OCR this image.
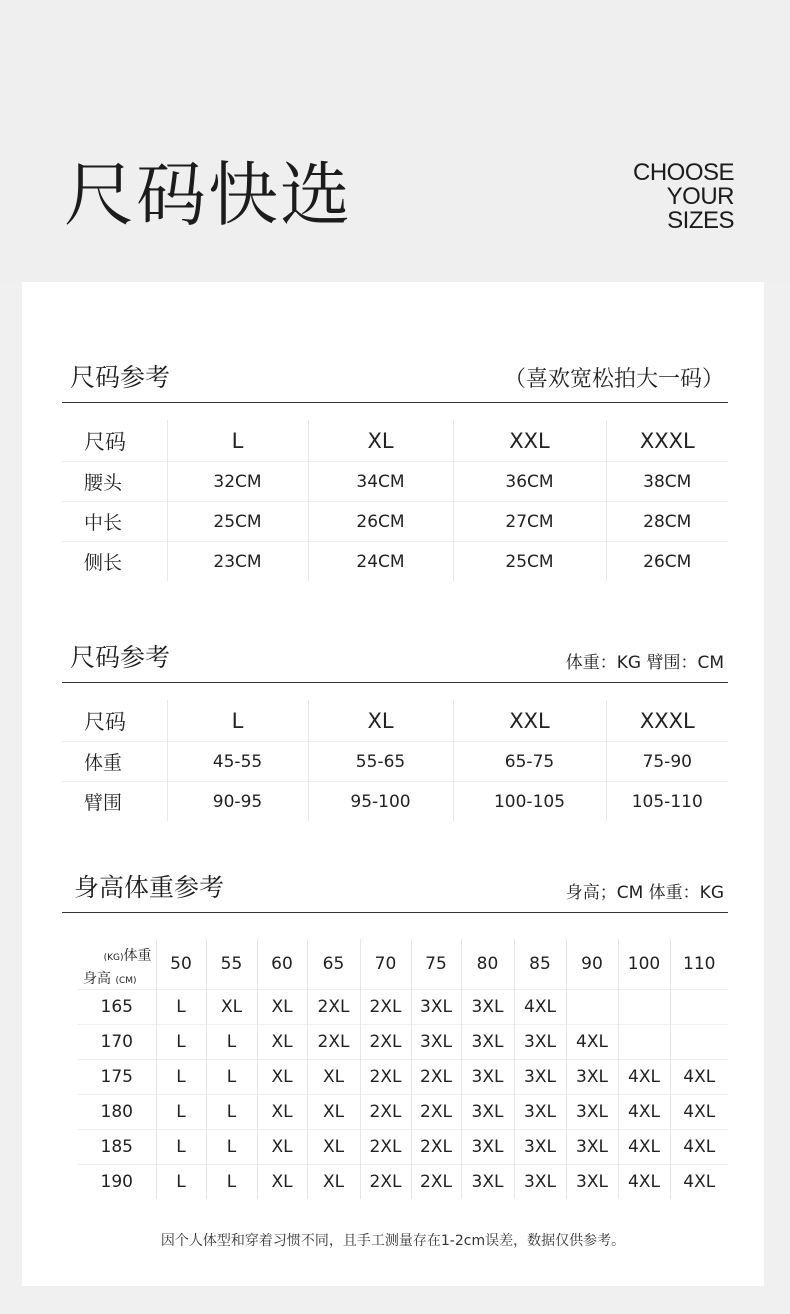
尺码快选	CHOOSE
YOUR
SIZES
尺码参考	（喜欢宽松拍大一码）
尺码	L	XL	XXL	XXXL
腰头	32CM	34CM	36CM	38CM
中长	25CM	26CM	27CM	28CM
侧长	23CM	24CM	25CM	26CM
尺码参考	体重：KG 臂围：CM
尺码	L	XL	XXL	XXXL
体重	45-55	55-65	65-75	75-90
臂围	90-95	95-100	100-105	105-110
身高体重参考	身高；CM 体重：KG
(KG)体重
身高 (CM)	50	55	60	65	70	75	80	85	90	100	110
165	L	XL	XL	2XL	2XL	3XL	3XL	4XL			
170	L	L	XL	2XL	2XL	3XL	3XL	3XL	4XL		
175	L	L	XL	XL	2XL	2XL	3XL	3XL	3XL	4XL	4XL
180	L	L	XL	XL	2XL	2XL	3XL	3XL	3XL	4XL	4XL
185	L	L	XL	XL	2XL	2XL	3XL	3XL	3XL	4XL	4XL
190	L	L	XL	XL	2XL	2XL	3XL	3XL	3XL	4XL	4XL
因个人体型和穿着习惯不同，且手工测量存在1-2cm误差，数据仅供参考。
